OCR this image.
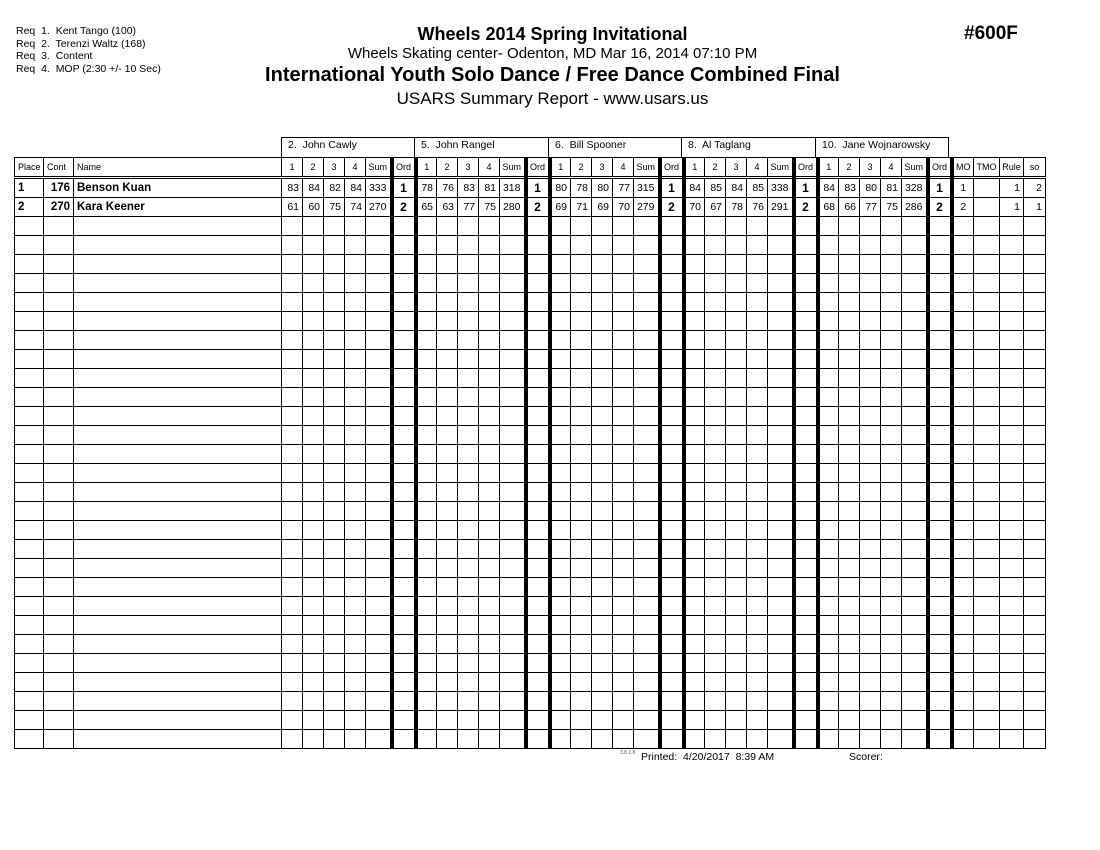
Req  1.  Kent Tango (100)
Req  2.  Terenzi Waltz (168)
Req  3.  Content
Req  4.  MOP (2:30 +/- 10 Sec)
Wheels 2014 Spring Invitational
Wheels Skating center- Odenton, MD Mar 16, 2014 07:10 PM
International Youth Solo Dance / Free Dance Combined Final
USARS Summary Report - www.usars.us
#600F
2.  John Cawly	5.  John Rangel	6.  Bill Spooner	8.  Al Taglang	10.  Jane Wojnarowsky
Place	Cont	Name	1	2	3	4	Sum	Ord	1	2	3	4	Sum	Ord	1	2	3	4	Sum	Ord	1	2	3	4	Sum	Ord	1	2	3	4	Sum	Ord	MO	TMO	Rule	so
1	176	Benson Kuan	83	84	82	84	333	1	78	76	83	81	318	1	80	78	80	77	315	1	84	85	84	85	338	1	84	83	80	81	328	1	1		1	2
2	270	Kara Keener	61	60	75	74	270	2	65	63	77	75	280	2	69	71	69	70	279	2	70	67	78	76	291	2	68	66	77	75	286	2	2		1	1

3.8.1.8 Printed:  4/20/2017  8:39 AM	Scorer:
